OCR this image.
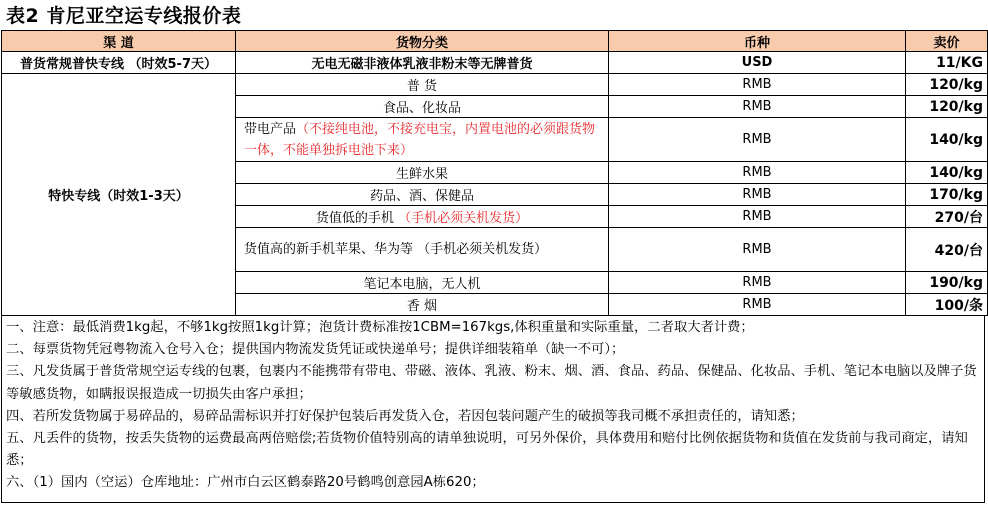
表2 肯尼亚空运专线报价表
渠 道	货物分类	币种	卖价
普货常规普快专线 （时效5-7天）	无电无磁非液体乳液非粉末等无牌普货	USD	11/KG
特快专线（时效1-3天）	普 货	RMB	120/kg
	食品、化妆品	RMB	120/kg
	带电产品（不接纯电池，不接充电宝，内置电池的必须跟货物一体，不能单独拆电池下来）	RMB	140/kg
	生鲜水果	RMB	140/kg
	药品、酒、保健品	RMB	170/kg
	货值低的手机 （手机必须关机发货）	RMB	270/台
	货值高的新手机苹果、华为等 （手机必须关机发货）	RMB	420/台
	笔记本电脑，无人机	RMB	190/kg
	香 烟	RMB	100/条
一、注意：最低消费1kg起，不够1kg按照1kg计算；泡货计费标准按1CBM=167kgs,体积重量和实际重量，二者取大者计费；
二、每票货物凭冠粤物流入仓号入仓；提供国内物流发货凭证或快递单号；提供详细装箱单（缺一不可）；
三、凡发货属于普货常规空运专线的包裹，包裹内不能携带有带电、带磁、液体、乳液、粉末、烟、酒、食品、药品、保健品、化妆品、手机、笔记本电脑以及牌子货等敏感货物，如瞒报误报造成一切损失由客户承担；
四、若所发货物属于易碎品的，易碎品需标识并打好保护包装后再发货入仓，若因包装问题产生的破损等我司概不承担责任的，请知悉；
五、凡丢件的货物，按丢失货物的运费最高两倍赔偿;若货物价值特别高的请单独说明，可另外保价，具体费用和赔付比例依据货物和货值在发货前与我司商定，请知悉；
六、（1）国内（空运）仓库地址：广州市白云区鹤泰路20号鹤鸣创意园A栋620；
